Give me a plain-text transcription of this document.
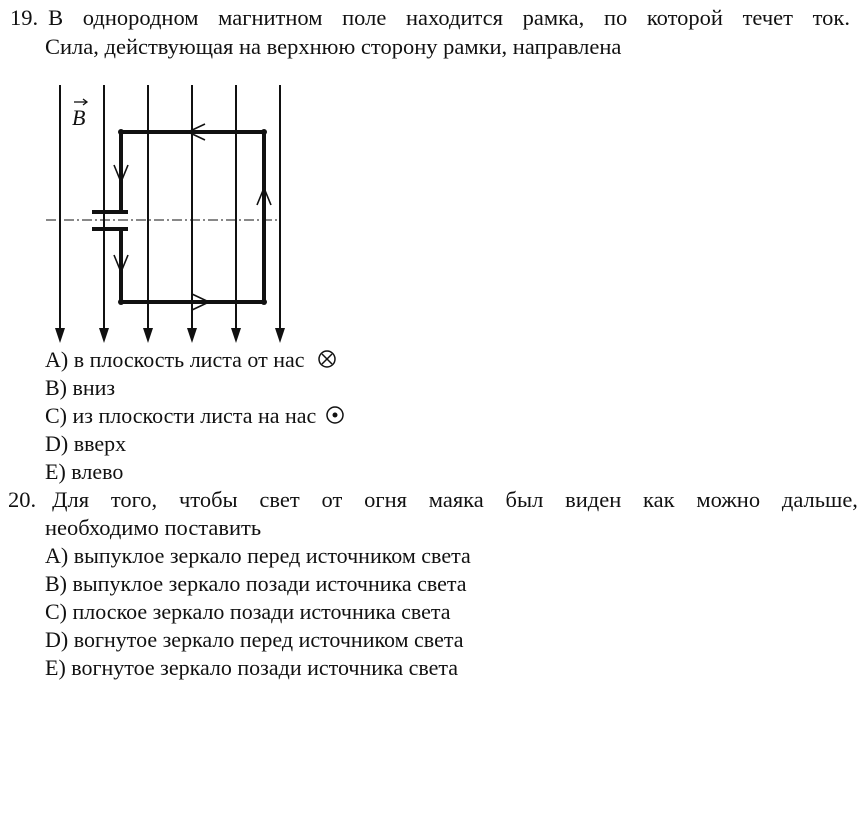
19. В однородном магнитном поле находится рамка, по которой течет ток.
Сила, действующая на верхнюю сторону рамки, направлена
B
A) в плоскость листа от нас
B) вниз
C) из плоскости листа на нас
D) вверх
E) влево
20. Для того, чтобы свет от огня маяка был виден как можно дальше,
необходимо поставить
A) выпуклое зеркало перед источником света
B) выпуклое зеркало позади источника света
C) плоское зеркало позади источника света
D) вогнутое зеркало перед источником света
E) вогнутое зеркало позади источника света
